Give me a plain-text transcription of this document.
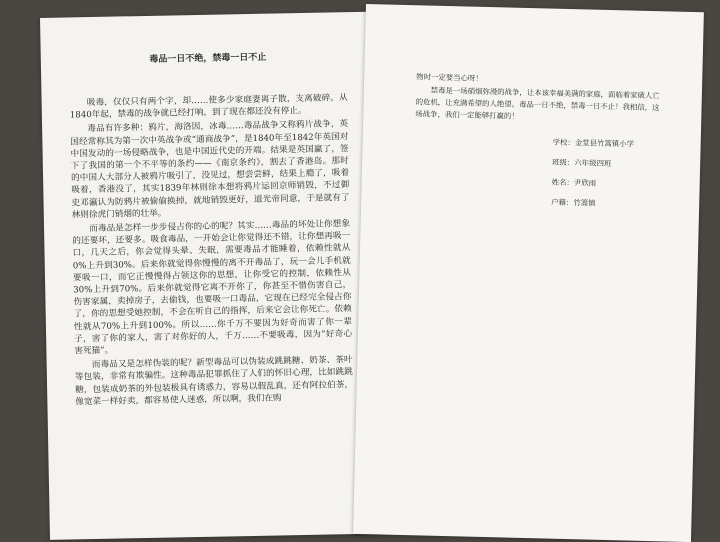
毒品一日不绝，禁毒一日不止

吸毒，仅仅只有两个字，却……使多少家庭妻离子散，支离破碎。从1840年起，禁毒的战争就已经打响，到了现在都还没有停止。

毒品有许多种：鸦片，海洛因，冰毒……毒品战争又称鸦片战争，英国经常称其为第一次中英战争或“通商战争”，是1840年至1842年英国对中国发动的一场侵略战争，也是中国近代史的开端。结果是英国赢了，签下了我国的第一个不平等的条约——《南京条约》，割去了香港岛。那时的中国人大部分人被鸦片吸引了，没见过，想尝尝鲜，结果上瘾了，吸着吸着，香港没了，其实1839年林则徐本想将鸦片运回京师销毁，不过御史邓瀛认为防鸦片被偷偷换掉，就地销毁更好，道光帝同意，于是就有了林则徐虎门销烟的壮举。

而毒品是怎样一步步侵占你的心的呢？其实……毒品的坏处让你想象的还要坏，还要多。吸食毒品，一开始会让你觉得还不错，让你想再吸一口，几天之后，你会觉得头晕、失眠，需要毒品才能睡着，依赖性就从0%上升到30%。后来你就觉得你慢慢的离不开毒品了，玩一会儿手机就要吸一口，而它正慢慢得占领这你的思想，让你受它的控制，依赖性从30%上升到70%。后来你就觉得它离不开你了，你甚至不惜伤害自己，伤害家属，卖掉房子，去偷钱，也要吸一口毒品，它现在已经完全侵占你了，你的思想受她控制，不会在听自己的指挥，后来它会让你死亡。依赖性就从70%上升到100%。所以……你千万不要因为好奇而害了你一辈子，害了你的家人，害了对你好的人，千万……不要吸毒，因为“好奇心害死猫”。

而毒品又是怎样伪装的呢？新型毒品可以伪装成跳跳糖、奶茶、茶叶等包装，非常有欺骗性。这种毒品犯罪抓住了人们的怀旧心理，比如跳跳糖，包装成奶茶的外包装极具有诱惑力，容易以假乱真，还有阿拉伯茶，像宽菜一样好卖，都容易使人迷惑，所以啊，我们在购

物时一定要当心呀！

禁毒是一场硝烟弥漫的战争，让本该幸福美满的家庭，面临着家破人亡的危机，让充满希望的人绝望。毒品一日不绝，禁毒一日不止！我相信，这场战争，我们一定能够打赢的！

学校：金堂县竹篙镇小学
班级：六年级四班
姓名：尹欣雨
户籍：竹篙镇
